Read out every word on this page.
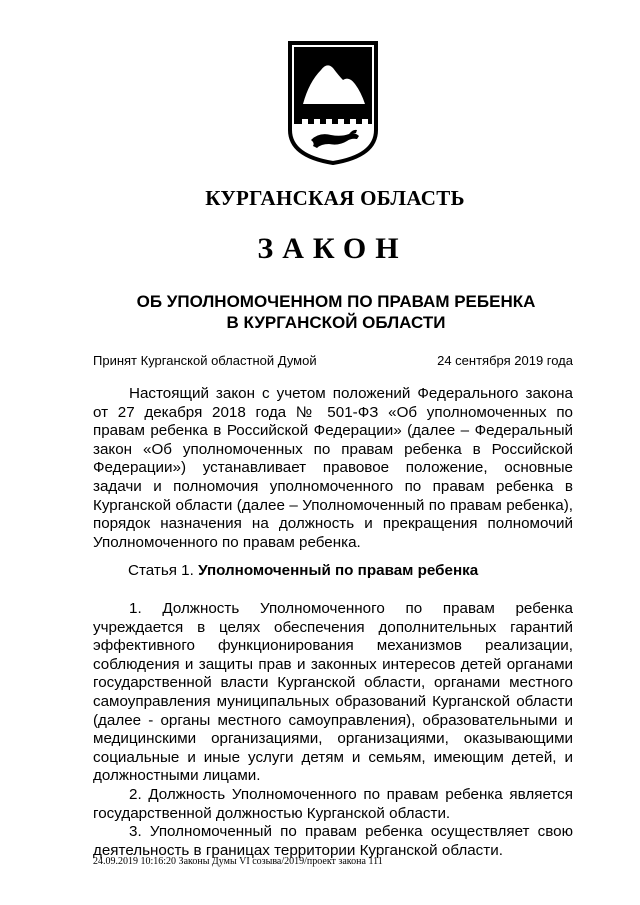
КУРГАНСКАЯ ОБЛАСТЬ
ЗАКОН
ОБ УПОЛНОМОЧЕННОМ ПО ПРАВАМ РЕБЕНКА
В КУРГАНСКОЙ ОБЛАСТИ
Принят Курганской областной Думой	24 сентября 2019 года

Настоящий закон с учетом положений Федерального закона от 27 декабря 2018 года № 501-ФЗ «Об уполномоченных по правам ребенка в Российской Федерации» (далее – Федеральный закон «Об уполномоченных по правам ребенка в Российской Федерации») устанавливает правовое положение, основные задачи и полномочия уполномоченного по правам ребенка в Курганской области (далее – Уполномоченный по правам ребенка), порядок назначения на должность и прекращения полномочий Уполномоченного по правам ребенка.

Статья 1. Уполномоченный по правам ребенка

1. Должность Уполномоченного по правам ребенка учреждается в целях обеспечения дополнительных гарантий эффективного функционирования механизмов реализации, соблюдения и защиты прав и законных интересов детей органами государственной власти Курганской области, органами местного самоуправления муниципальных образований Курганской области (далее - органы местного самоуправления), образовательными и медицинскими организациями, организациями, оказывающими социальные и иные услуги детям и семьям, имеющим детей, и должностными лицами.

2. Должность Уполномоченного по правам ребенка является государственной должностью Курганской области.

3. Уполномоченный по правам ребенка осуществляет свою деятельность в границах территории Курганской области.

24.09.2019 10:16:20 Законы Думы VI созыва/2019/проект закона 111
